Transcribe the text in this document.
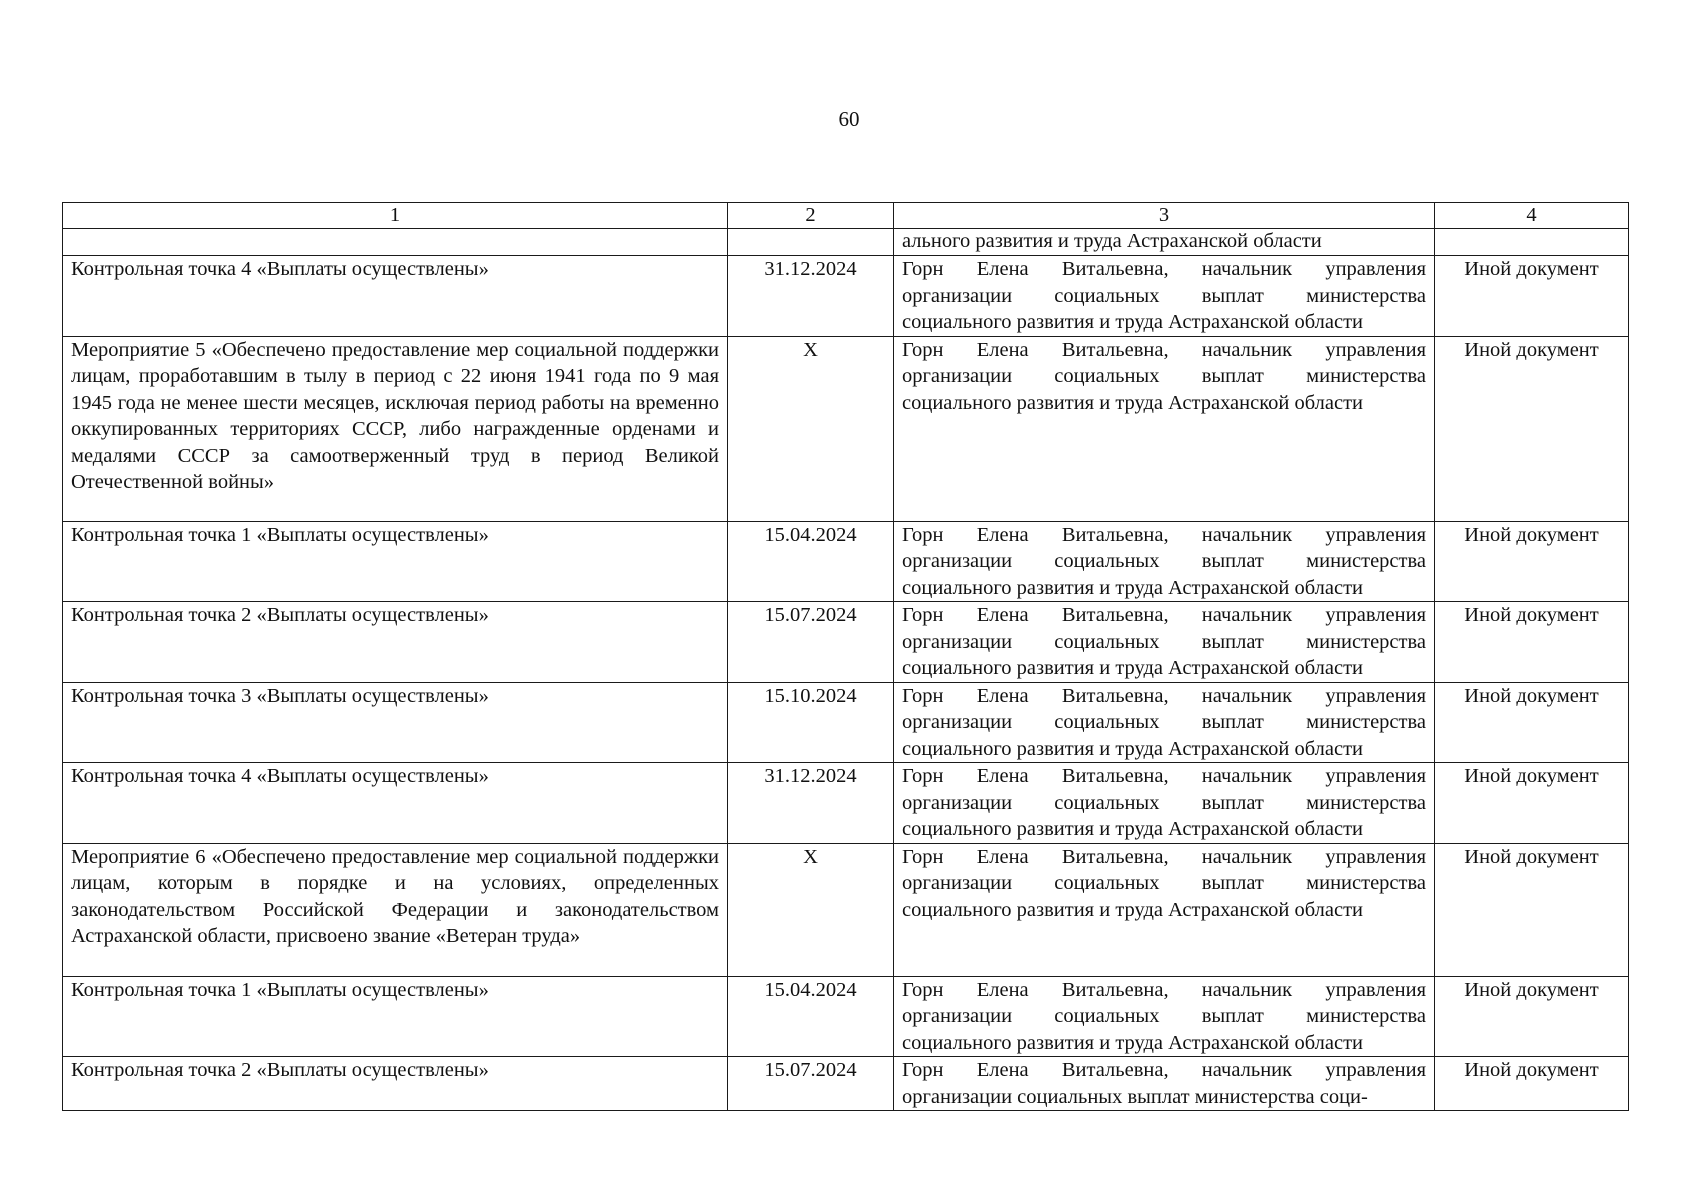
60
1	2	3	4
		ального развития и труда Астраханской области	
Контрольная точка 4 «Выплаты осуществлены»	31.12.2024	Горн Елена Витальевна, начальник управления организации социальных выплат министерства социального развития и труда Астраханской области	Иной документ
Мероприятие 5 «Обеспечено предоставление мер социальной поддержки лицам, проработавшим в тылу в период с 22 июня 1941 года по 9 мая 1945 года не менее шести месяцев, исключая период работы на временно оккупированных территориях СССР, либо награжденные орденами и медалями СССР за самоотверженный труд в период Великой Отечественной войны»	X	Горн Елена Витальевна, начальник управления организации социальных выплат министерства социального развития и труда Астраханской области	Иной документ
Контрольная точка 1 «Выплаты осуществлены»	15.04.2024	Горн Елена Витальевна, начальник управления организации социальных выплат министерства социального развития и труда Астраханской области	Иной документ
Контрольная точка 2 «Выплаты осуществлены»	15.07.2024	Горн Елена Витальевна, начальник управления организации социальных выплат министерства социального развития и труда Астраханской области	Иной документ
Контрольная точка 3 «Выплаты осуществлены»	15.10.2024	Горн Елена Витальевна, начальник управления организации социальных выплат министерства социального развития и труда Астраханской области	Иной документ
Контрольная точка 4 «Выплаты осуществлены»	31.12.2024	Горн Елена Витальевна, начальник управления организации социальных выплат министерства социального развития и труда Астраханской области	Иной документ
Мероприятие 6 «Обеспечено предоставление мер социальной поддержки лицам, которым в порядке и на условиях, определенных законодательством Российской Федерации и законодательством Астраханской области, присвоено звание «Ветеран труда»	X	Горн Елена Витальевна, начальник управления организации социальных выплат министерства социального развития и труда Астраханской области	Иной документ
Контрольная точка 1 «Выплаты осуществлены»	15.04.2024	Горн Елена Витальевна, начальник управления организации социальных выплат министерства социального развития и труда Астраханской области	Иной документ
Контрольная точка 2 «Выплаты осуществлены»	15.07.2024	Горн Елена Витальевна, начальник управления организации социальных выплат министерства соци-	Иной документ
